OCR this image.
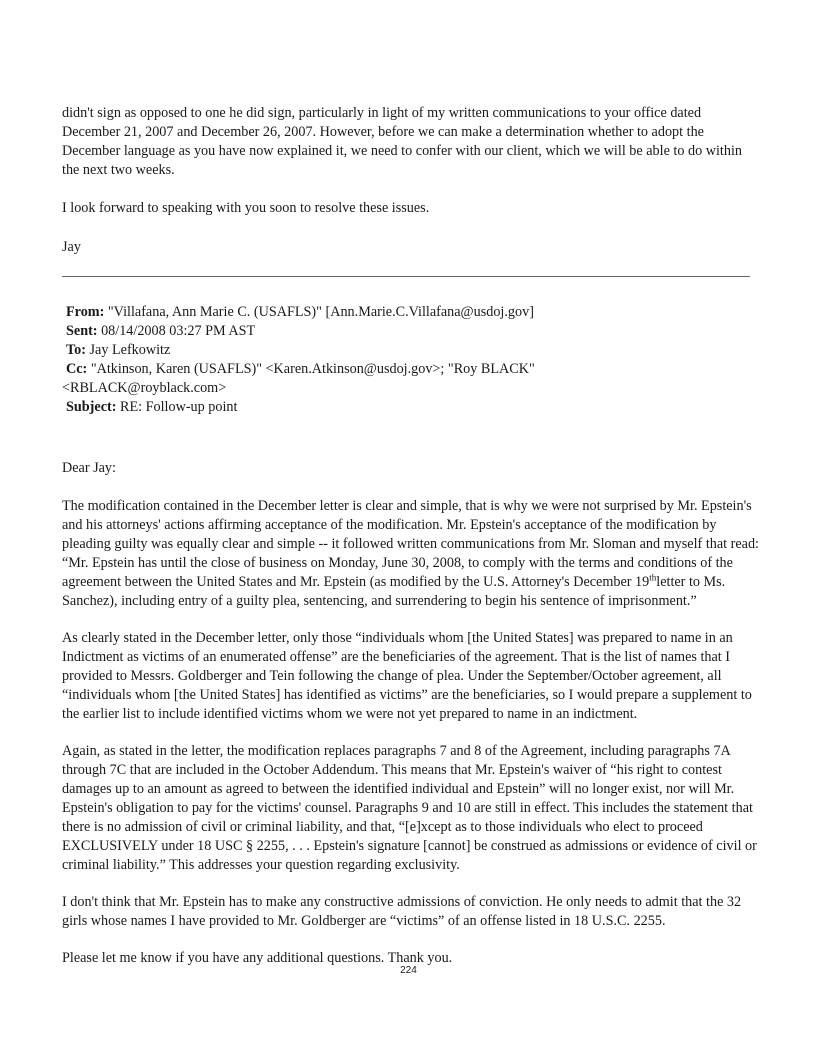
didn't sign as opposed to one he did sign, particularly in light of my written communications to your office dated December 21, 2007 and December 26, 2007. However, before we can make a determination whether to adopt the December language as you have now explained it, we need to confer with our client, which we will be able to do within the next two weeks.

I look forward to speaking with you soon to resolve these issues.

Jay

From: "Villafana, Ann Marie C. (USAFLS)" [Ann.Marie.C.Villafana@usdoj.gov]
Sent: 08/14/2008 03:27 PM AST
To: Jay Lefkowitz
Cc: "Atkinson, Karen (USAFLS)" <Karen.Atkinson@usdoj.gov>; "Roy BLACK"
<RBLACK@royblack.com>
Subject: RE: Follow-up point

Dear Jay:

The modification contained in the December letter is clear and simple, that is why we were not surprised by Mr. Epstein's and his attorneys' actions affirming acceptance of the modification. Mr. Epstein's acceptance of the modification by pleading guilty was equally clear and simple -- it followed written communications from Mr. Sloman and myself that read: “Mr. Epstein has until the close of business on Monday, June 30, 2008, to comply with the terms and conditions of the agreement between the United States and Mr. Epstein (as modified by the U.S. Attorney's December 19thletter to Ms. Sanchez), including entry of a guilty plea, sentencing, and surrendering to begin his sentence of imprisonment.”

As clearly stated in the December letter, only those “individuals whom [the United States] was prepared to name in an Indictment as victims of an enumerated offense” are the beneficiaries of the agreement. That is the list of names that I provided to Messrs. Goldberger and Tein following the change of plea. Under the September/October agreement, all “individuals whom [the United States] has identified as victims” are the beneficiaries, so I would prepare a supplement to the earlier list to include identified victims whom we were not yet prepared to name in an indictment.

Again, as stated in the letter, the modification replaces paragraphs 7 and 8 of the Agreement, including paragraphs 7A through 7C that are included in the October Addendum. This means that Mr. Epstein's waiver of “his right to contest damages up to an amount as agreed to between the identified individual and Epstein” will no longer exist, nor will Mr. Epstein's obligation to pay for the victims' counsel. Paragraphs 9 and 10 are still in effect. This includes the statement that there is no admission of civil or criminal liability, and that, “[e]xcept as to those individuals who elect to proceed EXCLUSIVELY under 18 USC § 2255, . . . Epstein's signature [cannot] be construed as admissions or evidence of civil or criminal liability.” This addresses your question regarding exclusivity.

I don't think that Mr. Epstein has to make any constructive admissions of conviction. He only needs to admit that the 32 girls whose names I have provided to Mr. Goldberger are “victims” of an offense listed in 18 U.S.C. 2255.

Please let me know if you have any additional questions. Thank you.

224
